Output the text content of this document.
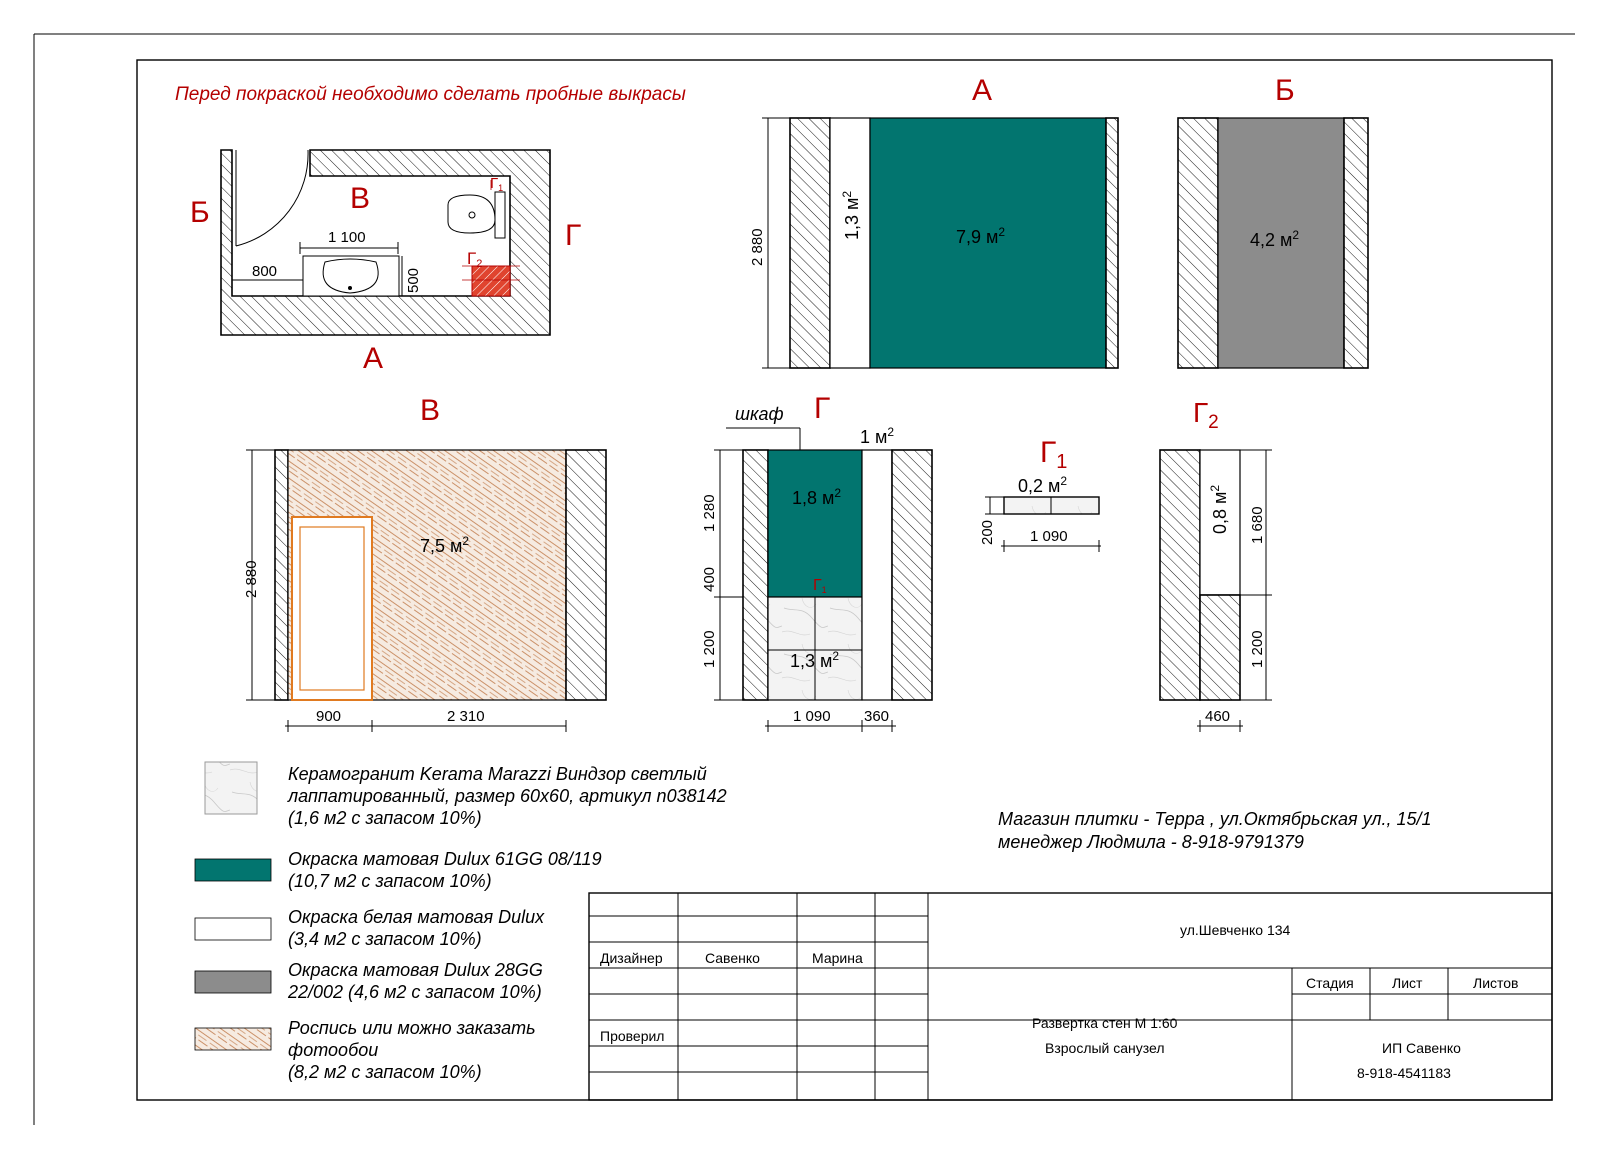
Перед покраской необходимо сделать пробные выкрасы
1 100
800	500
Б	В
Г
А
$Г_1$
Г2
А
2 880
1,3 $м^2$
7,9 $м^2$
Б
4,2 $м^2$
В
2 880
900	2 310
7,5 $м^2$
Г
шкаф
1 280
400
1 200
1 090 360
1 $м^2$
1,8 $м^2$
1,3 $м^2$
Г1
$Г_1$
0,2 $м^2$
200 1 090
$Г_2$
0,8 $м^2$
1 680
1 200
460
Керамогранит Kerama Marazzi Виндзор светлый
лаппатированный, размер 60х60, артикул n038142
(1,6 м2 с запасом 10%)
Окраска матовая Dulux 61GG 08/119
(10,7 м2 с запасом 10%)
Окраска белая матовая Dulux
(3,4 м2 с запасом 10%)
Окраска матовая Dulux 28GG
22/002 (4,6 м2 с запасом 10%)
Роспись или можно заказать
фотообои
(8,2 м2 с запасом 10%)
Магазин плитки - Терра , ул.Октябрьская ул., 15/1
менеджер Людмила - 8-918-9791379
ул.Шевченко 134
Дизайнер	Савенко	Марина
Проверил
Развертка стен М 1:60
Взрослый санузел
Стадия	Лист	Листов
ИП Савенко
8-918-4541183
